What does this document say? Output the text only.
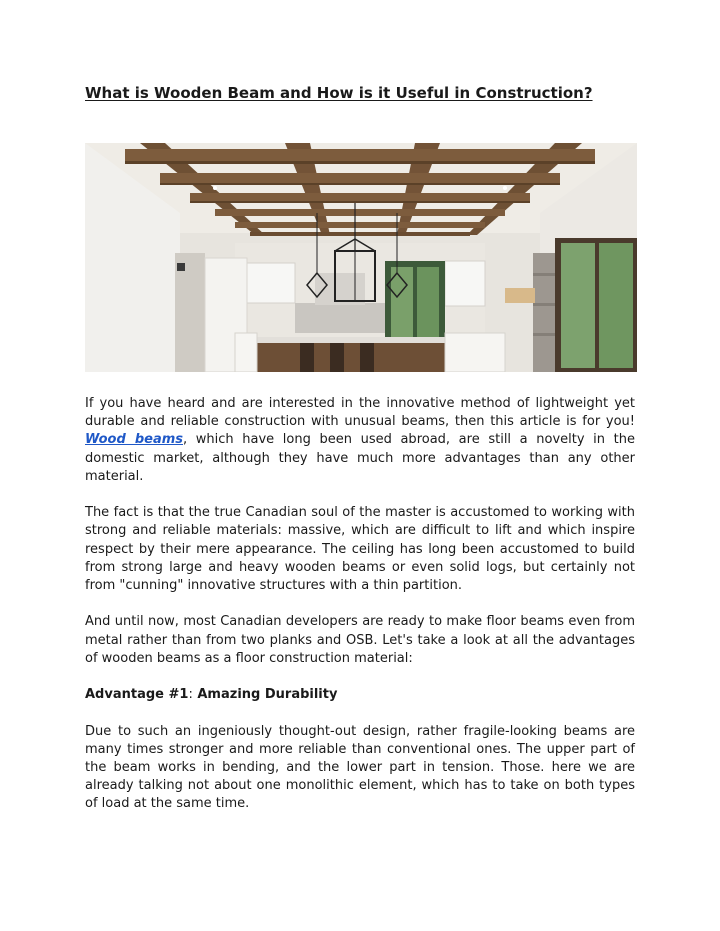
What is Wooden Beam and How is it Useful in Construction?

If you have heard and are interested in the innovative method of lightweight yet durable and reliable construction with unusual beams, then this article is for you! Wood beams, which have long been used abroad, are still a novelty in the domestic market, although they have much more advantages than any other material.

The fact is that the true Canadian soul of the master is accustomed to working with strong and reliable materials: massive, which are difficult to lift and which inspire respect by their mere appearance. The ceiling has long been accustomed to build from strong large and heavy wooden beams or even solid logs, but certainly not from "cunning" innovative structures with a thin partition.

And until now, most Canadian developers are ready to make floor beams even from metal rather than from two planks and OSB. Let's take a look at all the advantages of wooden beams as a floor construction material:

Advantage #1: Amazing Durability

Due to such an ingeniously thought-out design, rather fragile-looking beams are many times stronger and more reliable than conventional ones. The upper part of the beam works in bending, and the lower part in tension. Those. here we are already talking not about one monolithic element, which has to take on both types of load at the same time.
